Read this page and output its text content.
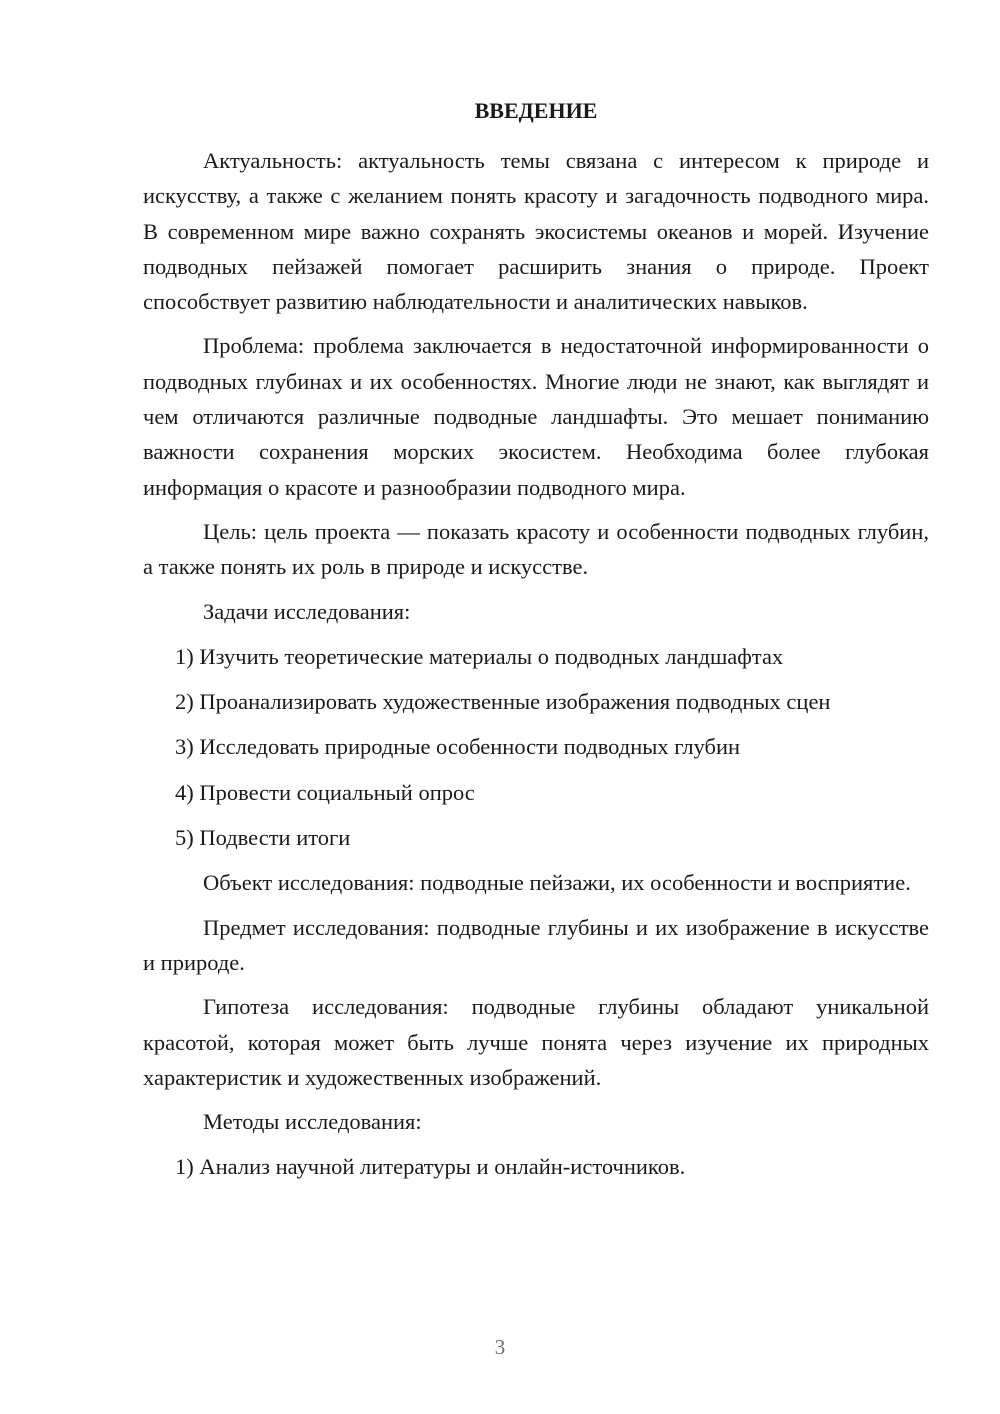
ВВЕДЕНИЕ

Актуальность: актуальность темы связана с интересом к природе и искусству, а также с желанием понять красоту и загадочность подводного мира. В современном мире важно сохранять экосистемы океанов и морей. Изучение подводных пейзажей помогает расширить знания о природе. Проект способствует развитию наблюдательности и аналитических навыков.

Проблема: проблема заключается в недостаточной информированности о подводных глубинах и их особенностях. Многие люди не знают, как выглядят и чем отличаются различные подводные ландшафты. Это мешает пониманию важности сохранения морских экосистем. Необходима более глубокая информация о красоте и разнообразии подводного мира.

Цель: цель проекта — показать красоту и особенности подводных глубин, а также понять их роль в природе и искусстве.

Задачи исследования:

1) Изучить теоретические материалы о подводных ландшафтах

2) Проанализировать художественные изображения подводных сцен

3) Исследовать природные особенности подводных глубин

4) Провести социальный опрос

5) Подвести итоги

Объект исследования: подводные пейзажи, их особенности и восприятие.

Предмет исследования: подводные глубины и их изображение в искусстве и природе.

Гипотеза исследования: подводные глубины обладают уникальной красотой, которая может быть лучше понята через изучение их природных характеристик и художественных изображений.

Методы исследования:

1) Анализ научной литературы и онлайн-источников.

3
